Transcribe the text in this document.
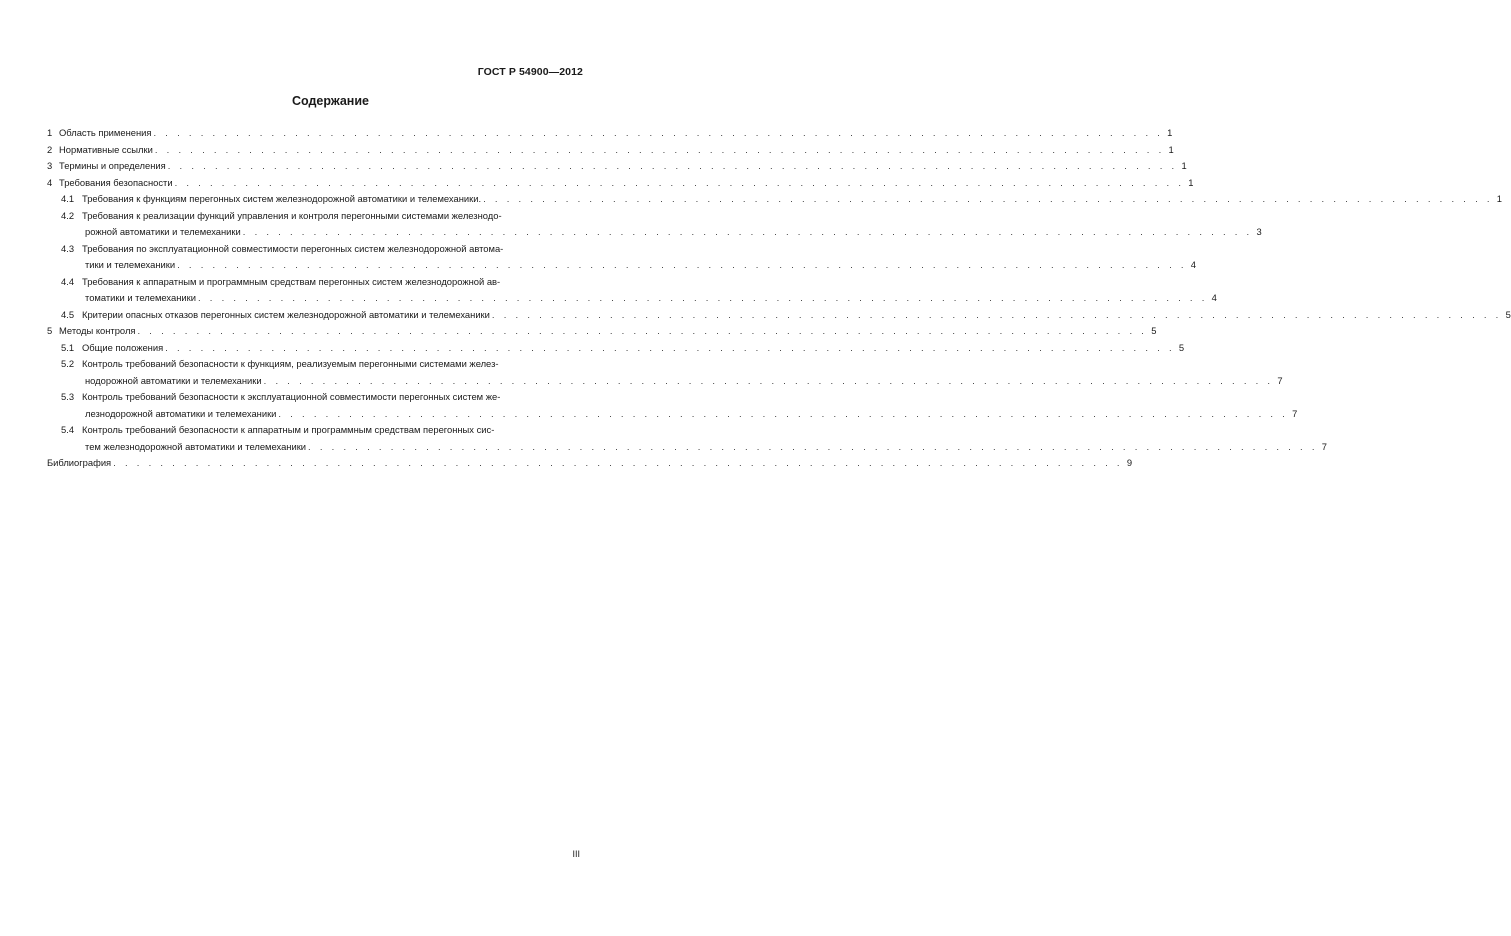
ГОСТ Р 54900—2012
Содержание
1 Область применения . . . . . . . . . . . . . . . . . . . . . . . . . . . . . . . . . . . . . . . . . . . . . . . . . . . . . . . . . . . . . . . . . . . . . . . . . . . . . . . . . . . . . . 1
2 Нормативные ссылки . . . . . . . . . . . . . . . . . . . . . . . . . . . . . . . . . . . . . . . . . . . . . . . . . . . . . . . . . . . . . . . . . . . . . . . . . . . . . . . . . . . . . . 1
3 Термины и определения . . . . . . . . . . . . . . . . . . . . . . . . . . . . . . . . . . . . . . . . . . . . . . . . . . . . . . . . . . . . . . . . . . . . . . . . . . . . . . . . . . . . . . 1
4 Требования безопасности . . . . . . . . . . . . . . . . . . . . . . . . . . . . . . . . . . . . . . . . . . . . . . . . . . . . . . . . . . . . . . . . . . . . . . . . . . . . . . . . . . . . . . 1
4.1 Требования к функциям перегонных систем железнодорожной автоматики и телемеханики. . . . . . . . . . . . . . . . . . . . . . . . . . . . . . . . . . . . . . . . . . . . . . . . . . . . . . . . . . . . . . . . . . . . . . . . . . . . . . . . . . . . . . . 1
4.2 Требования к реализации функций управления и контроля перегонными системами железнодо-
рожной автоматики и телемеханики . . . . . . . . . . . . . . . . . . . . . . . . . . . . . . . . . . . . . . . . . . . . . . . . . . . . . . . . . . . . . . . . . . . . . . . . . . . . . . . . . . . . . . 3
4.3 Требования по эксплуатационной совместимости перегонных систем железнодорожной автома-
тики и телемеханики . . . . . . . . . . . . . . . . . . . . . . . . . . . . . . . . . . . . . . . . . . . . . . . . . . . . . . . . . . . . . . . . . . . . . . . . . . . . . . . . . . . . . . 4
4.4 Требования к аппаратным и программным средствам перегонных систем железнодорожной ав-
томатики и телемеханики . . . . . . . . . . . . . . . . . . . . . . . . . . . . . . . . . . . . . . . . . . . . . . . . . . . . . . . . . . . . . . . . . . . . . . . . . . . . . . . . . . . . . . 4
4.5 Критерии опасных отказов перегонных систем железнодорожной автоматики и телемеханики . . . . . . . . . . . . . . . . . . . . . . . . . . . . . . . . . . . . . . . . . . . . . . . . . . . . . . . . . . . . . . . . . . . . . . . . . . . . . . . . . . . . . . 5
5 Методы контроля . . . . . . . . . . . . . . . . . . . . . . . . . . . . . . . . . . . . . . . . . . . . . . . . . . . . . . . . . . . . . . . . . . . . . . . . . . . . . . . . . . . . . . 5
5.1 Общие положения . . . . . . . . . . . . . . . . . . . . . . . . . . . . . . . . . . . . . . . . . . . . . . . . . . . . . . . . . . . . . . . . . . . . . . . . . . . . . . . . . . . . . . 5
5.2 Контроль требований безопасности к функциям, реализуемым перегонными системами желез-
нодорожной автоматики и телемеханики . . . . . . . . . . . . . . . . . . . . . . . . . . . . . . . . . . . . . . . . . . . . . . . . . . . . . . . . . . . . . . . . . . . . . . . . . . . . . . . . . . . . . . 7
5.3 Контроль требований безопасности к эксплуатационной совместимости перегонных систем же-
лезнодорожной автоматики и телемеханики . . . . . . . . . . . . . . . . . . . . . . . . . . . . . . . . . . . . . . . . . . . . . . . . . . . . . . . . . . . . . . . . . . . . . . . . . . . . . . . . . . . . . . 7
5.4 Контроль требований безопасности к аппаратным и программным средствам перегонных сис-
тем железнодорожной автоматики и телемеханики . . . . . . . . . . . . . . . . . . . . . . . . . . . . . . . . . . . . . . . . . . . . . . . . . . . . . . . . . . . . . . . . . . . . . . . . . . . . . . . . . . . . . . 7
Библиография . . . . . . . . . . . . . . . . . . . . . . . . . . . . . . . . . . . . . . . . . . . . . . . . . . . . . . . . . . . . . . . . . . . . . . . . . . . . . . . . . . . . . . 9
III
